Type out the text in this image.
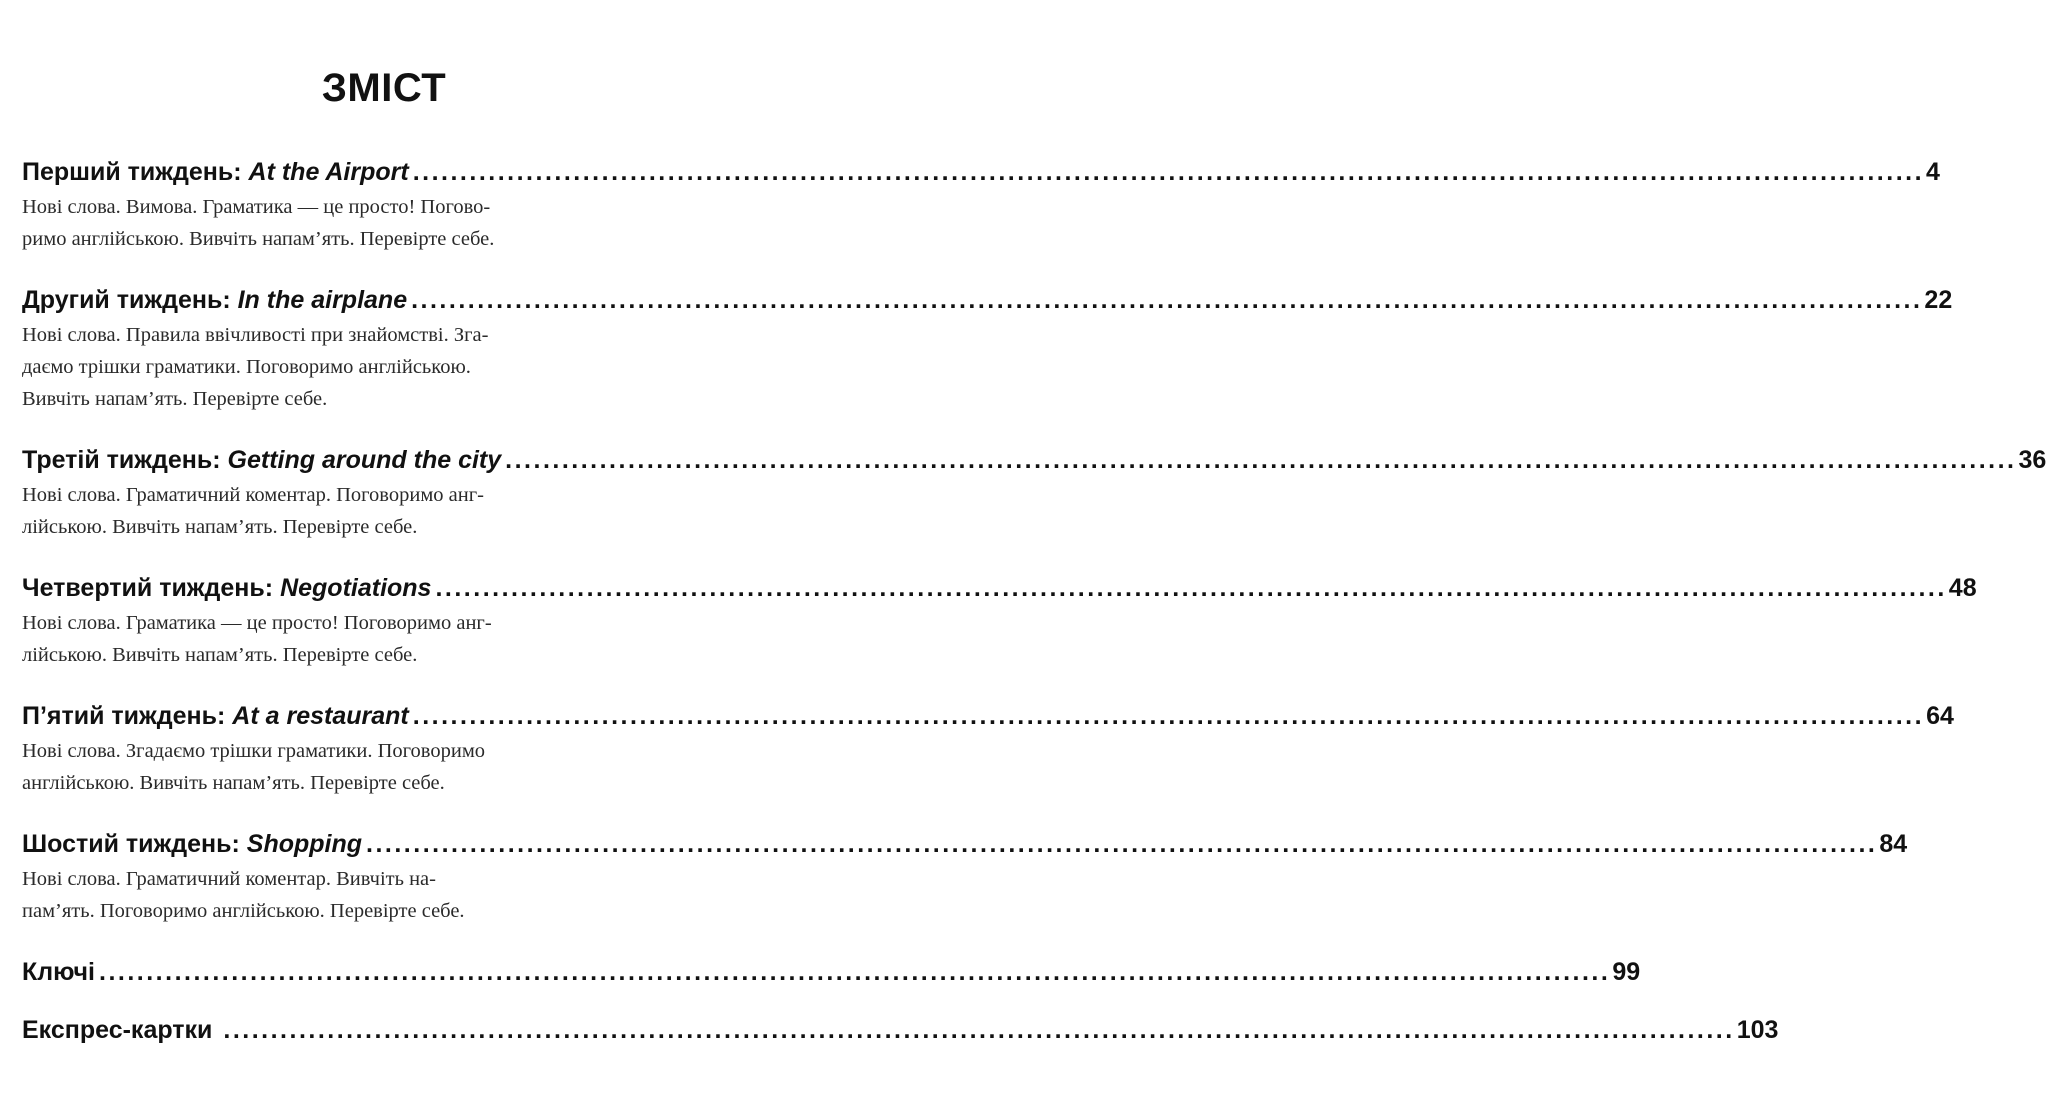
ЗМІСТ
Перший тиждень:
At the Airport ................................................................................................................................................................ 4
Нові слова. Вимова. Граматика — це просто! Погово-
римо англійською. Вивчіть напам’ять. Перевірте себе.
Другий тиждень:
In the airplane ................................................................................................................................................................ 22
Нові слова. Правила ввічливості при знайомстві. Зга-
даємо трішки граматики. Поговоримо англійською.
Вивчіть напам’ять. Перевірте себе.
Третій тиждень:
Getting around the city ................................................................................................................................................................ 36
Нові слова. Граматичний коментар. Поговоримо анг-
лійською. Вивчіть напам’ять. Перевірте себе.
Четвертий тиждень:
Negotiations ................................................................................................................................................................ 48
Нові слова. Граматика — це просто! Поговоримо анг-
лійською. Вивчіть напам’ять. Перевірте себе.
П’ятий тиждень:
At a restaurant ................................................................................................................................................................ 64
Нові слова. Згадаємо трішки граматики. Поговоримо
англійською. Вивчіть напам’ять. Перевірте себе.
Шостий тиждень:
Shopping ................................................................................................................................................................ 84
Нові слова. Граматичний коментар. Вивчіть на-
пам’ять. Поговоримо англійською. Перевірте себе.
Ключі ................................................................................................................................................................ 99
Експрес-картки
................................................................................................................................................................ 103
